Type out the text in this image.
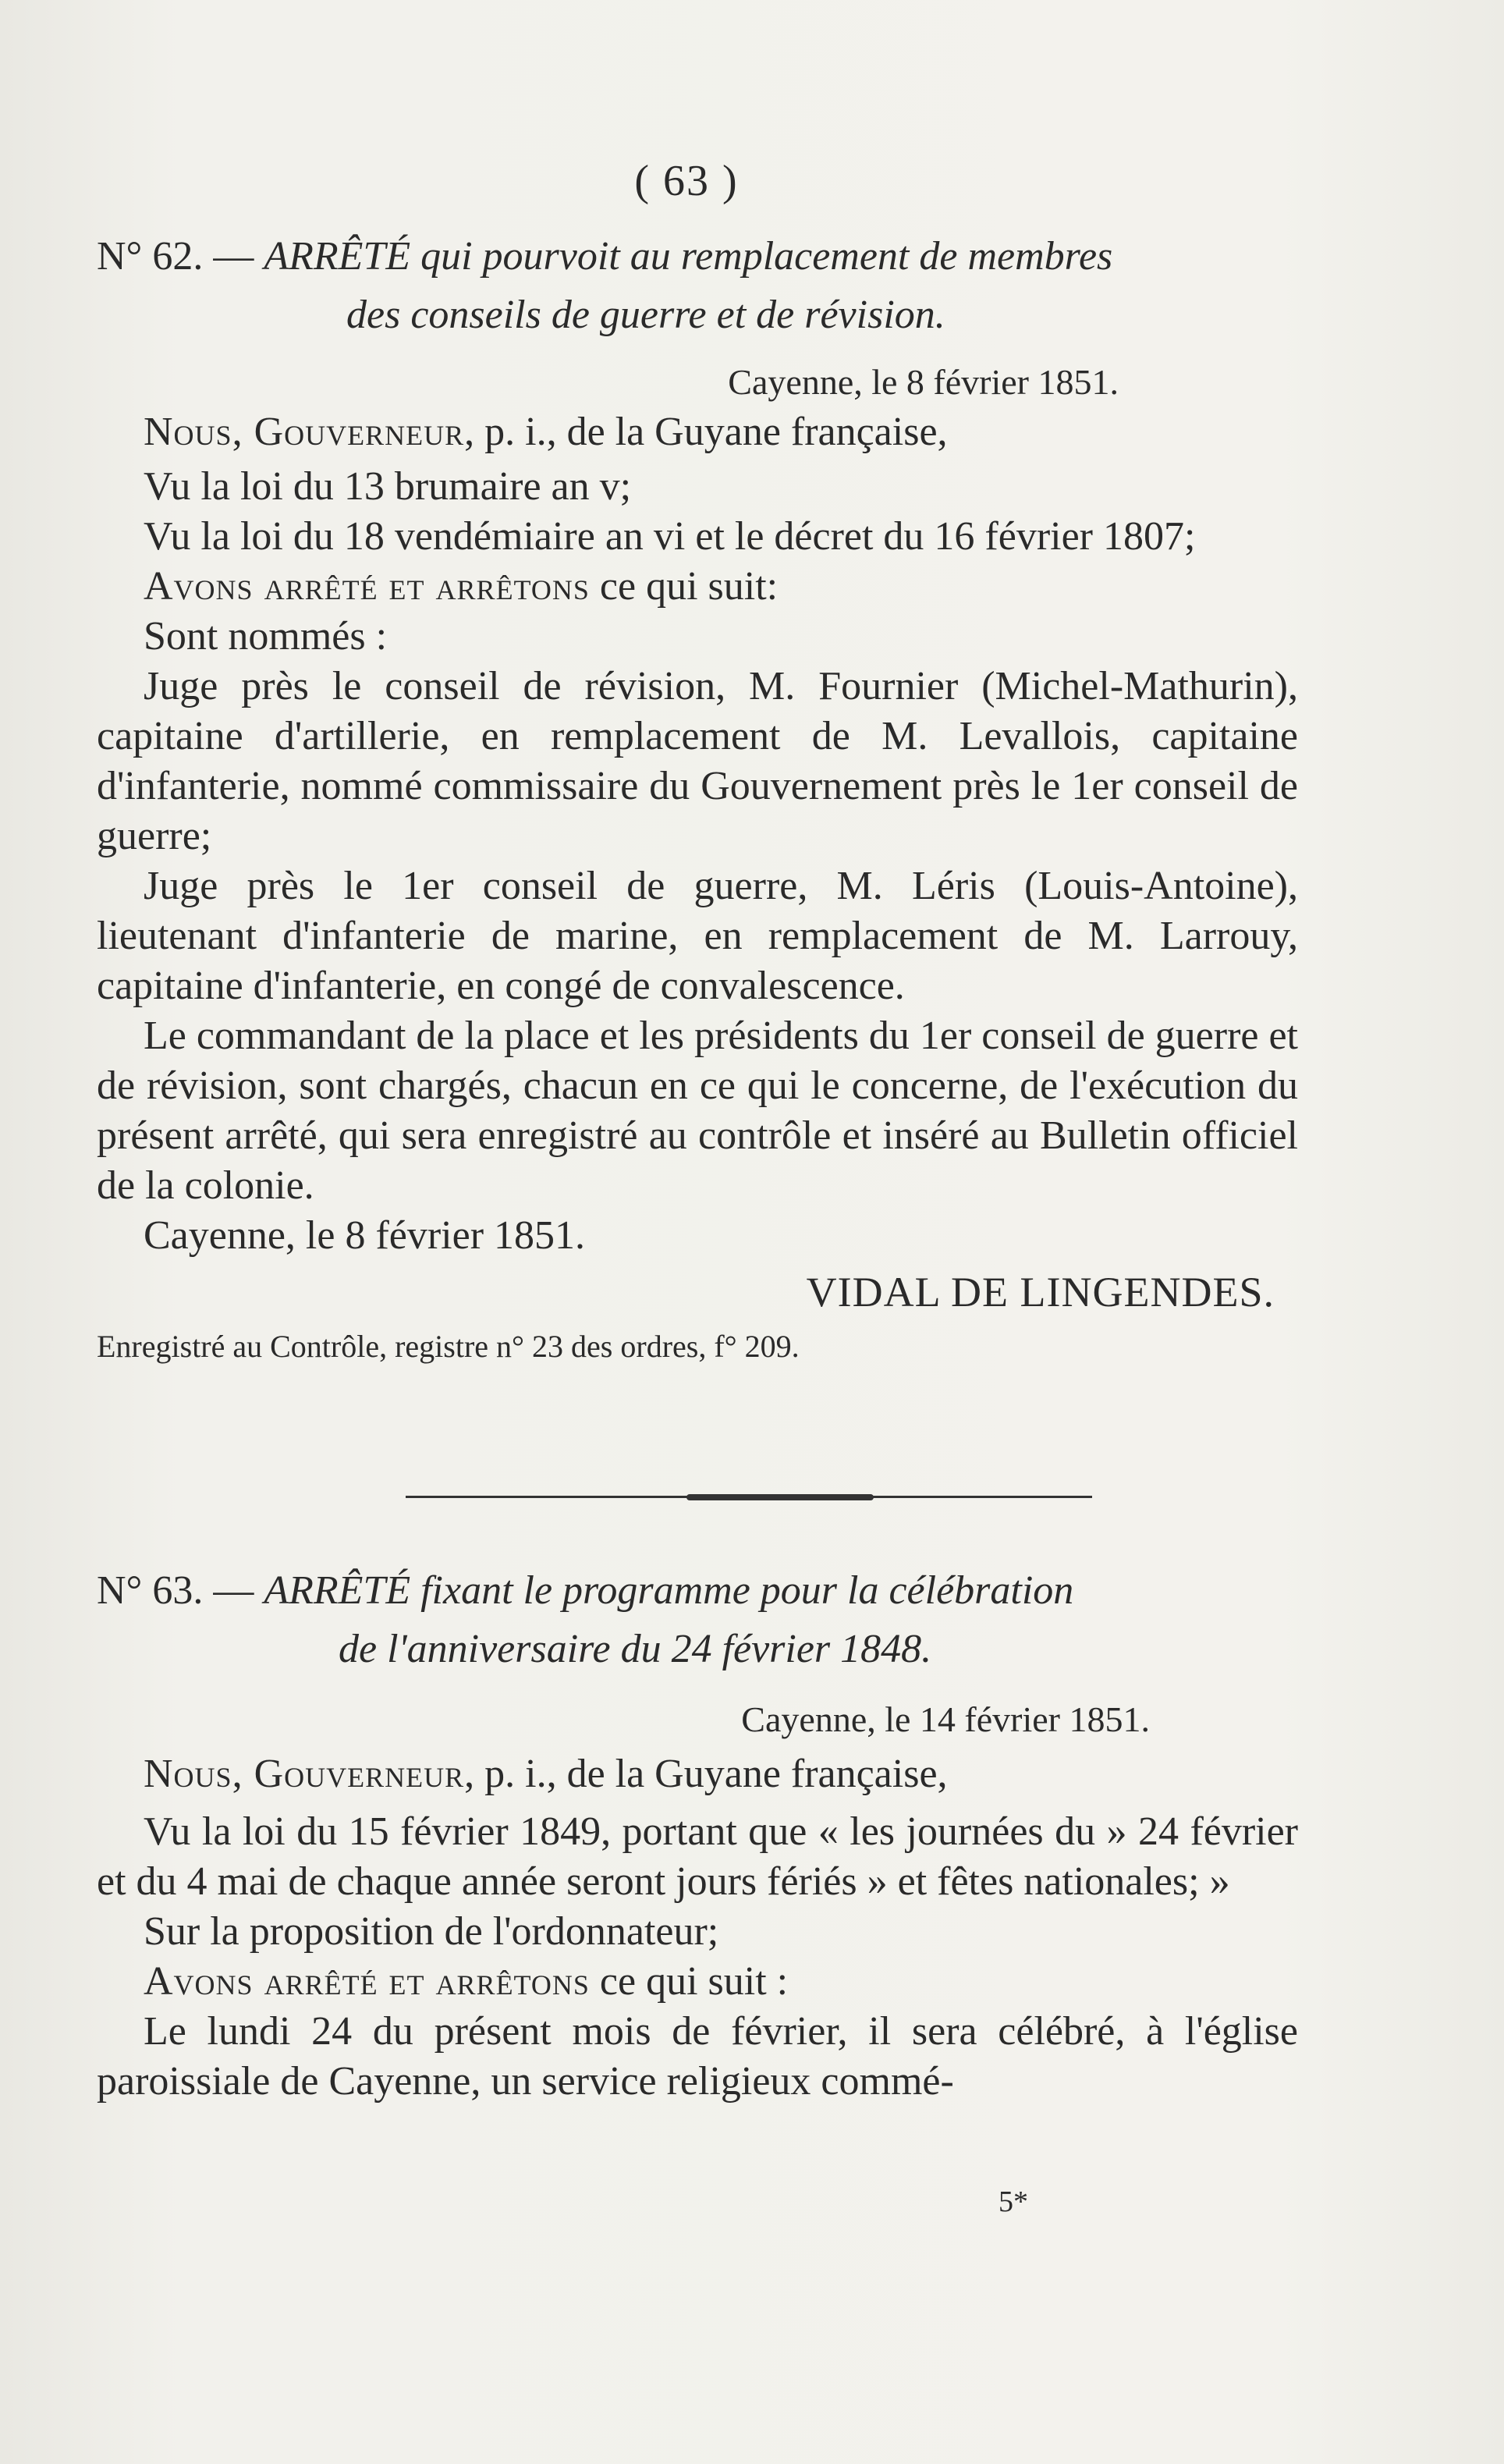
( 63 )
N° 62. — ARRÊTÉ qui pourvoit au remplacement de membres
des conseils de guerre et de révision.
Cayenne, le 8 février 1851.
Nous, Gouverneur, p. i., de la Guyane française,
Vu la loi du 13 brumaire an v;
Vu la loi du 18 vendémiaire an vi et le décret du 16 février 1807;
Avons arrêté et arrêtons ce qui suit:
Sont nommés :
Juge près le conseil de révision, M. Fournier (Michel-Mathurin), capitaine d'artillerie, en remplacement de M. Levallois, capitaine d'infanterie, nommé commissaire du Gouvernement près le 1er conseil de guerre;
Juge près le 1er conseil de guerre, M. Léris (Louis-Antoine), lieutenant d'infanterie de marine, en remplacement de M. Larrouy, capitaine d'infanterie, en congé de convalescence.
Le commandant de la place et les présidents du 1er conseil de guerre et de révision, sont chargés, chacun en ce qui le concerne, de l'exécution du présent arrêté, qui sera enregistré au contrôle et inséré au Bulletin officiel de la colonie.
Cayenne, le 8 février 1851.
VIDAL DE LINGENDES.
Enregistré au Contrôle, registre n° 23 des ordres, f° 209.
N° 63. — ARRÊTÉ fixant le programme pour la célébration
de l'anniversaire du 24 février 1848.
Cayenne, le 14 février 1851.
Nous, Gouverneur, p. i., de la Guyane française,
Vu la loi du 15 février 1849, portant que « les journées du » 24 février et du 4 mai de chaque année seront jours fériés » et fêtes nationales; »
Sur la proposition de l'ordonnateur;
Avons arrêté et arrêtons ce qui suit :
Le lundi 24 du présent mois de février, il sera célébré, à l'église paroissiale de Cayenne, un service religieux commé-
5*
